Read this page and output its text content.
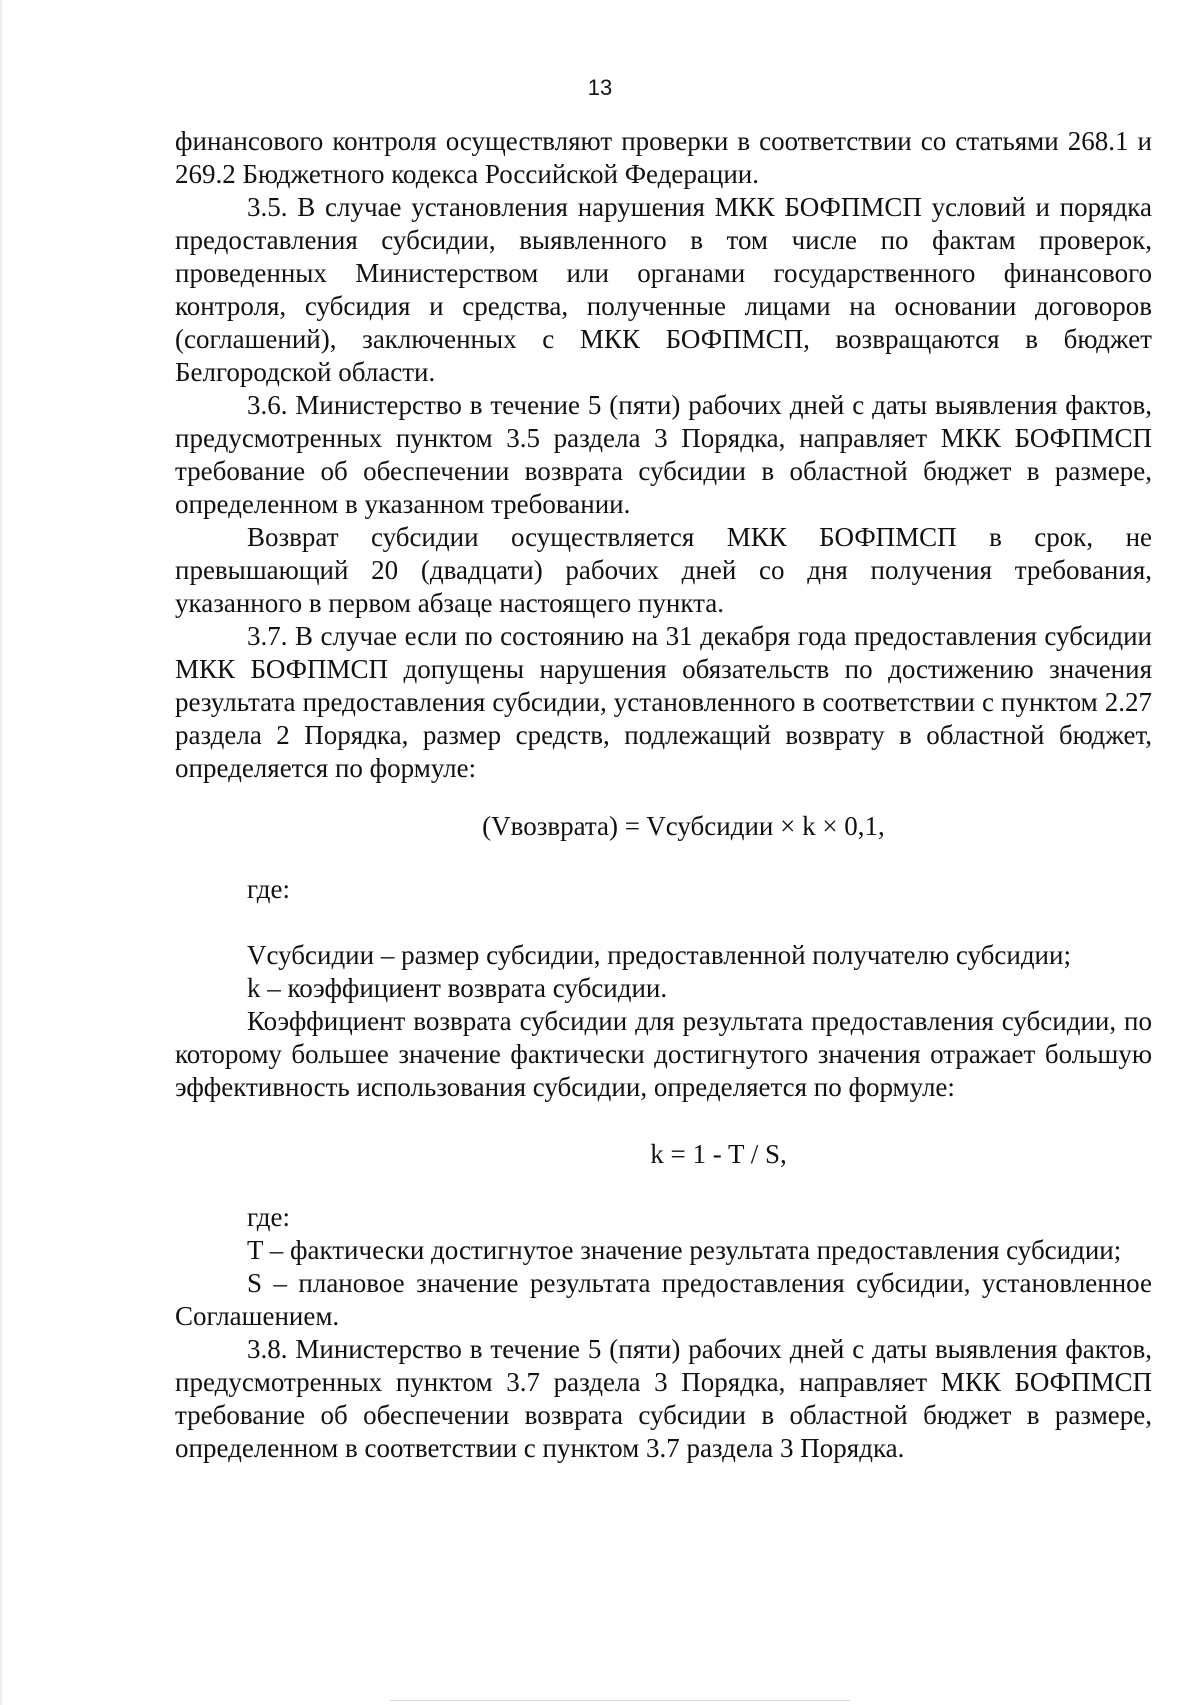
13

финансового контроля осуществляют проверки в соответствии со статьями 268.1 и 269.2 Бюджетного кодекса Российской Федерации.

3.5. В случае установления нарушения МКК БОФПМСП условий и порядка предоставления субсидии, выявленного в том числе по фактам проверок, проведенных Министерством или органами государственного финансового контроля, субсидия и средства, полученные лицами на основании договоров (соглашений), заключенных с МКК БОФПМСП, возвращаются в бюджет Белгородской области.

3.6. Министерство в течение 5 (пяти) рабочих дней с даты выявления фактов, предусмотренных пунктом 3.5 раздела 3 Порядка, направляет МКК БОФПМСП требование об обеспечении возврата субсидии в областной бюджет в размере, определенном в указанном требовании.

Возврат субсидии осуществляется МКК БОФПМСП в срок, не превышающий 20 (двадцати) рабочих дней со дня получения требования, указанного в первом абзаце настоящего пункта.

3.7. В случае если по состоянию на 31 декабря года предоставления субсидии МКК БОФПМСП допущены нарушения обязательств по достижению значения результата предоставления субсидии, установленного в соответствии с пунктом 2.27 раздела 2 Порядка, размер средств, подлежащий возврату в областной бюджет, определяется по формуле:

(Vвозврата) = Vсубсидии × k × 0,1,

где:

Vсубсидии – размер субсидии, предоставленной получателю субсидии;

k – коэффициент возврата субсидии.

Коэффициент возврата субсидии для результата предоставления субсидии, по которому большее значение фактически достигнутого значения отражает большую эффективность использования субсидии, определяется по формуле:

k = 1 - T / S,

где:

T – фактически достигнутое значение результата предоставления субсидии;

S – плановое значение результата предоставления субсидии, установленное Соглашением.

3.8. Министерство в течение 5 (пяти) рабочих дней с даты выявления фактов, предусмотренных пунктом 3.7 раздела 3 Порядка, направляет МКК БОФПМСП требование об обеспечении возврата субсидии в областной бюджет в размере, определенном в соответствии с пунктом 3.7 раздела 3 Порядка.
